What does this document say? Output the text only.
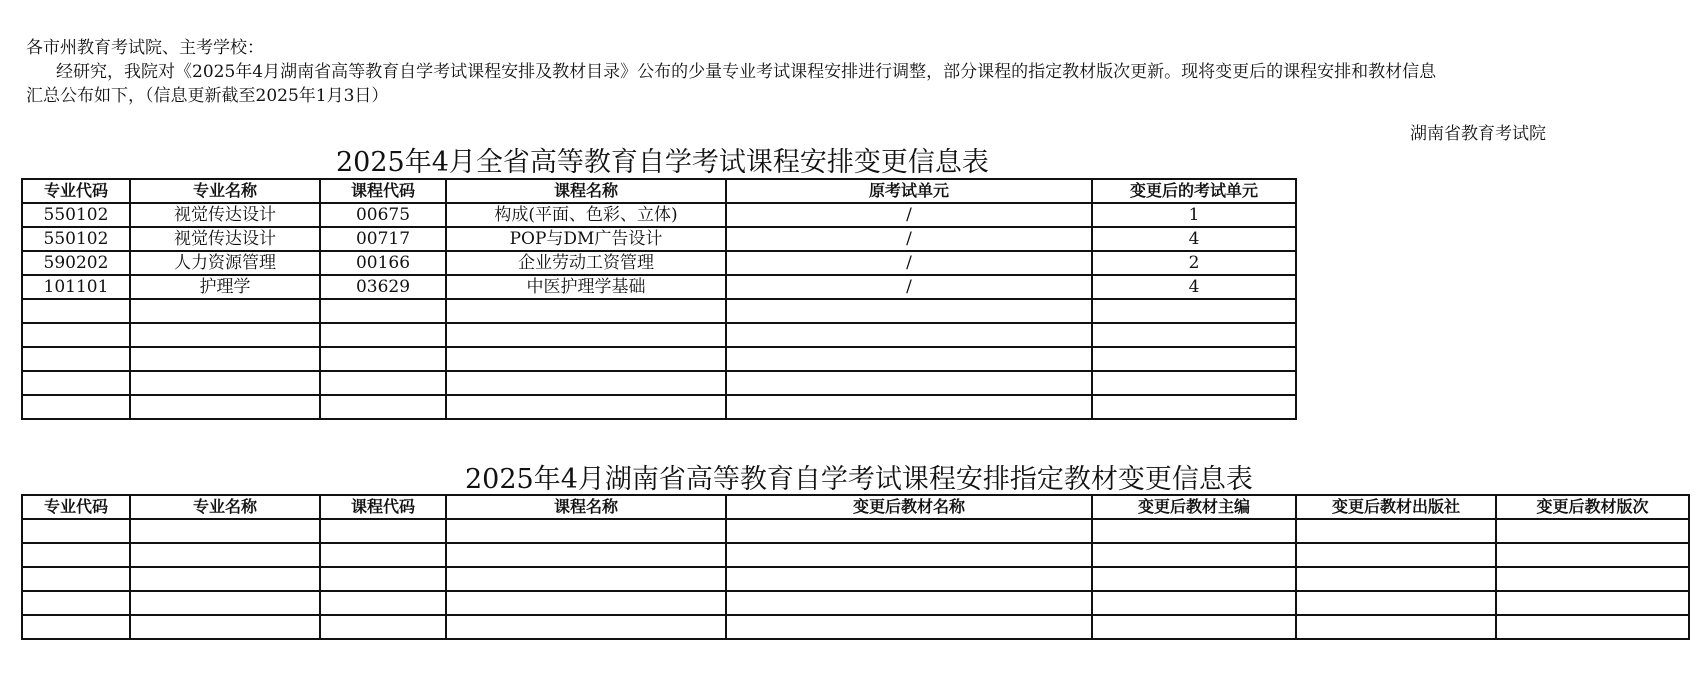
各市州教育考试院、主考学校：
经研究，我院对《2025年4月湖南省高等教育自学考试课程安排及教材目录》公布的少量专业考试课程安排进行调整，部分课程的指定教材版次更新。现将变更后的课程安排和教材信息
汇总公布如下，（信息更新截至2025年1月3日）
湖南省教育考试院
2025年4月全省高等教育自学考试课程安排变更信息表
专业代码	专业名称	课程代码	课程名称	原考试单元	变更后的考试单元
550102	视觉传达设计	00675	构成(平面、色彩、立体)	/	1
550102	视觉传达设计	00717	POP与DM广告设计	/	4
590202	人力资源管理	00166	企业劳动工资管理	/	2
101101	护理学	03629	中医护理学基础	/	4

2025年4月湖南省高等教育自学考试课程安排指定教材变更信息表
专业代码	专业名称	课程代码	课程名称	变更后教材名称	变更后教材主编	变更后教材出版社	变更后教材版次
